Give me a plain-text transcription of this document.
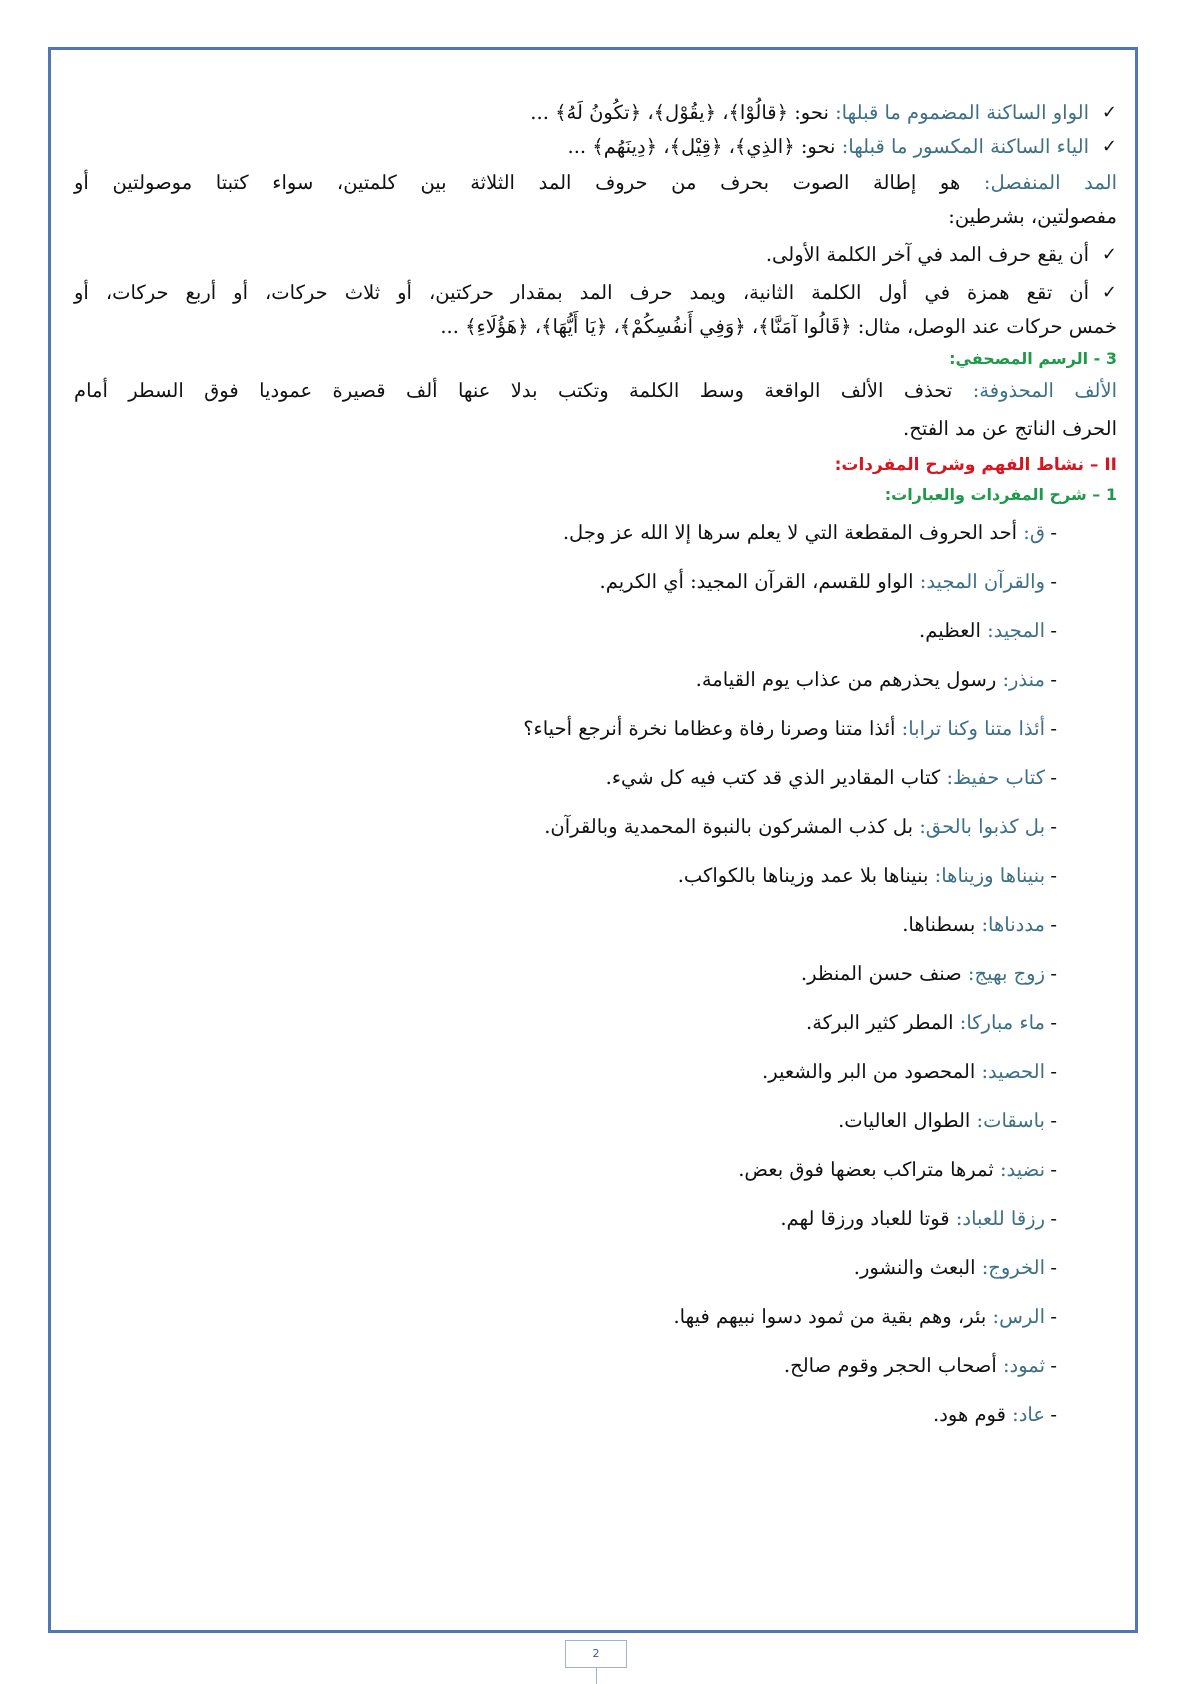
✓
الواو الساكنة المضموم ما قبلها: نحو: ﴿قالُوْا﴾، ﴿يقُوْل﴾، ﴿تكُونُ لَهُ﴾ ...

✓
الياء الساكنة المكسور ما قبلها: نحو: ﴿الذِي﴾، ﴿قِيْل﴾، ﴿دِينَهُم﴾ ...

المد المنفصل: هو إطالة الصوت بحرف من حروف المد الثلاثة بين كلمتين، سواء كتبتا موصولتين أو

مفصولتين، بشرطين:

✓
أن يقع حرف المد في آخر الكلمة الأولى.

✓
أن تقع همزة في أول الكلمة الثانية، ويمد حرف المد بمقدار حركتين، أو ثلاث حركات، أو أربع حركات، أو

خمس حركات عند الوصل، مثال: ﴿قَالُوا آمَنَّا﴾، ﴿وَفِي أَنفُسِكُمْ﴾، ﴿يَا أَيُّهَا﴾، ﴿هَؤُلَاءِ﴾ ...

3 - الرسم المصحفي:

الألف المحذوفة: تحذف الألف الواقعة وسط الكلمة وتكتب بدلا عنها ألف قصيرة عموديا فوق السطر أمام

الحرف الناتج عن مد الفتح.

II – نشاط الفهم وشرح المفردات:

1 – شرح المفردات والعبارات:

-
ق: أحد الحروف المقطعة التي لا يعلم سرها إلا الله عز وجل.
-
والقرآن المجيد: الواو للقسم، القرآن المجيد: أي الكريم.
-
المجيد: العظيم.
-
منذر: رسول يحذرهم من عذاب يوم القيامة.
-
أئذا متنا وكنا ترابا: أئذا متنا وصرنا رفاة وعظاما نخرة أنرجع أحياء؟
-
كتاب حفيظ: كتاب المقادير الذي قد كتب فيه كل شيء.
-
بل كذبوا بالحق: بل كذب المشركون بالنبوة المحمدية وبالقرآن.
-
بنيناها وزيناها: بنيناها بلا عمد وزيناها بالكواكب.
-
مددناها: بسطناها.
-
زوج بهيج: صنف حسن المنظر.
-
ماء مباركا: المطر كثير البركة.
-
الحصيد: المحصود من البر والشعير.
-
باسقات: الطوال العاليات.
-
نضيد: ثمرها متراكب بعضها فوق بعض.
-
رزقا للعباد: قوتا للعباد ورزقا لهم.
-
الخروج: البعث والنشور.
-
الرس: بئر، وهم بقية من ثمود دسوا نبيهم فيها.
-
ثمود: أصحاب الحجر وقوم صالح.
-
عاد: قوم هود.
2
